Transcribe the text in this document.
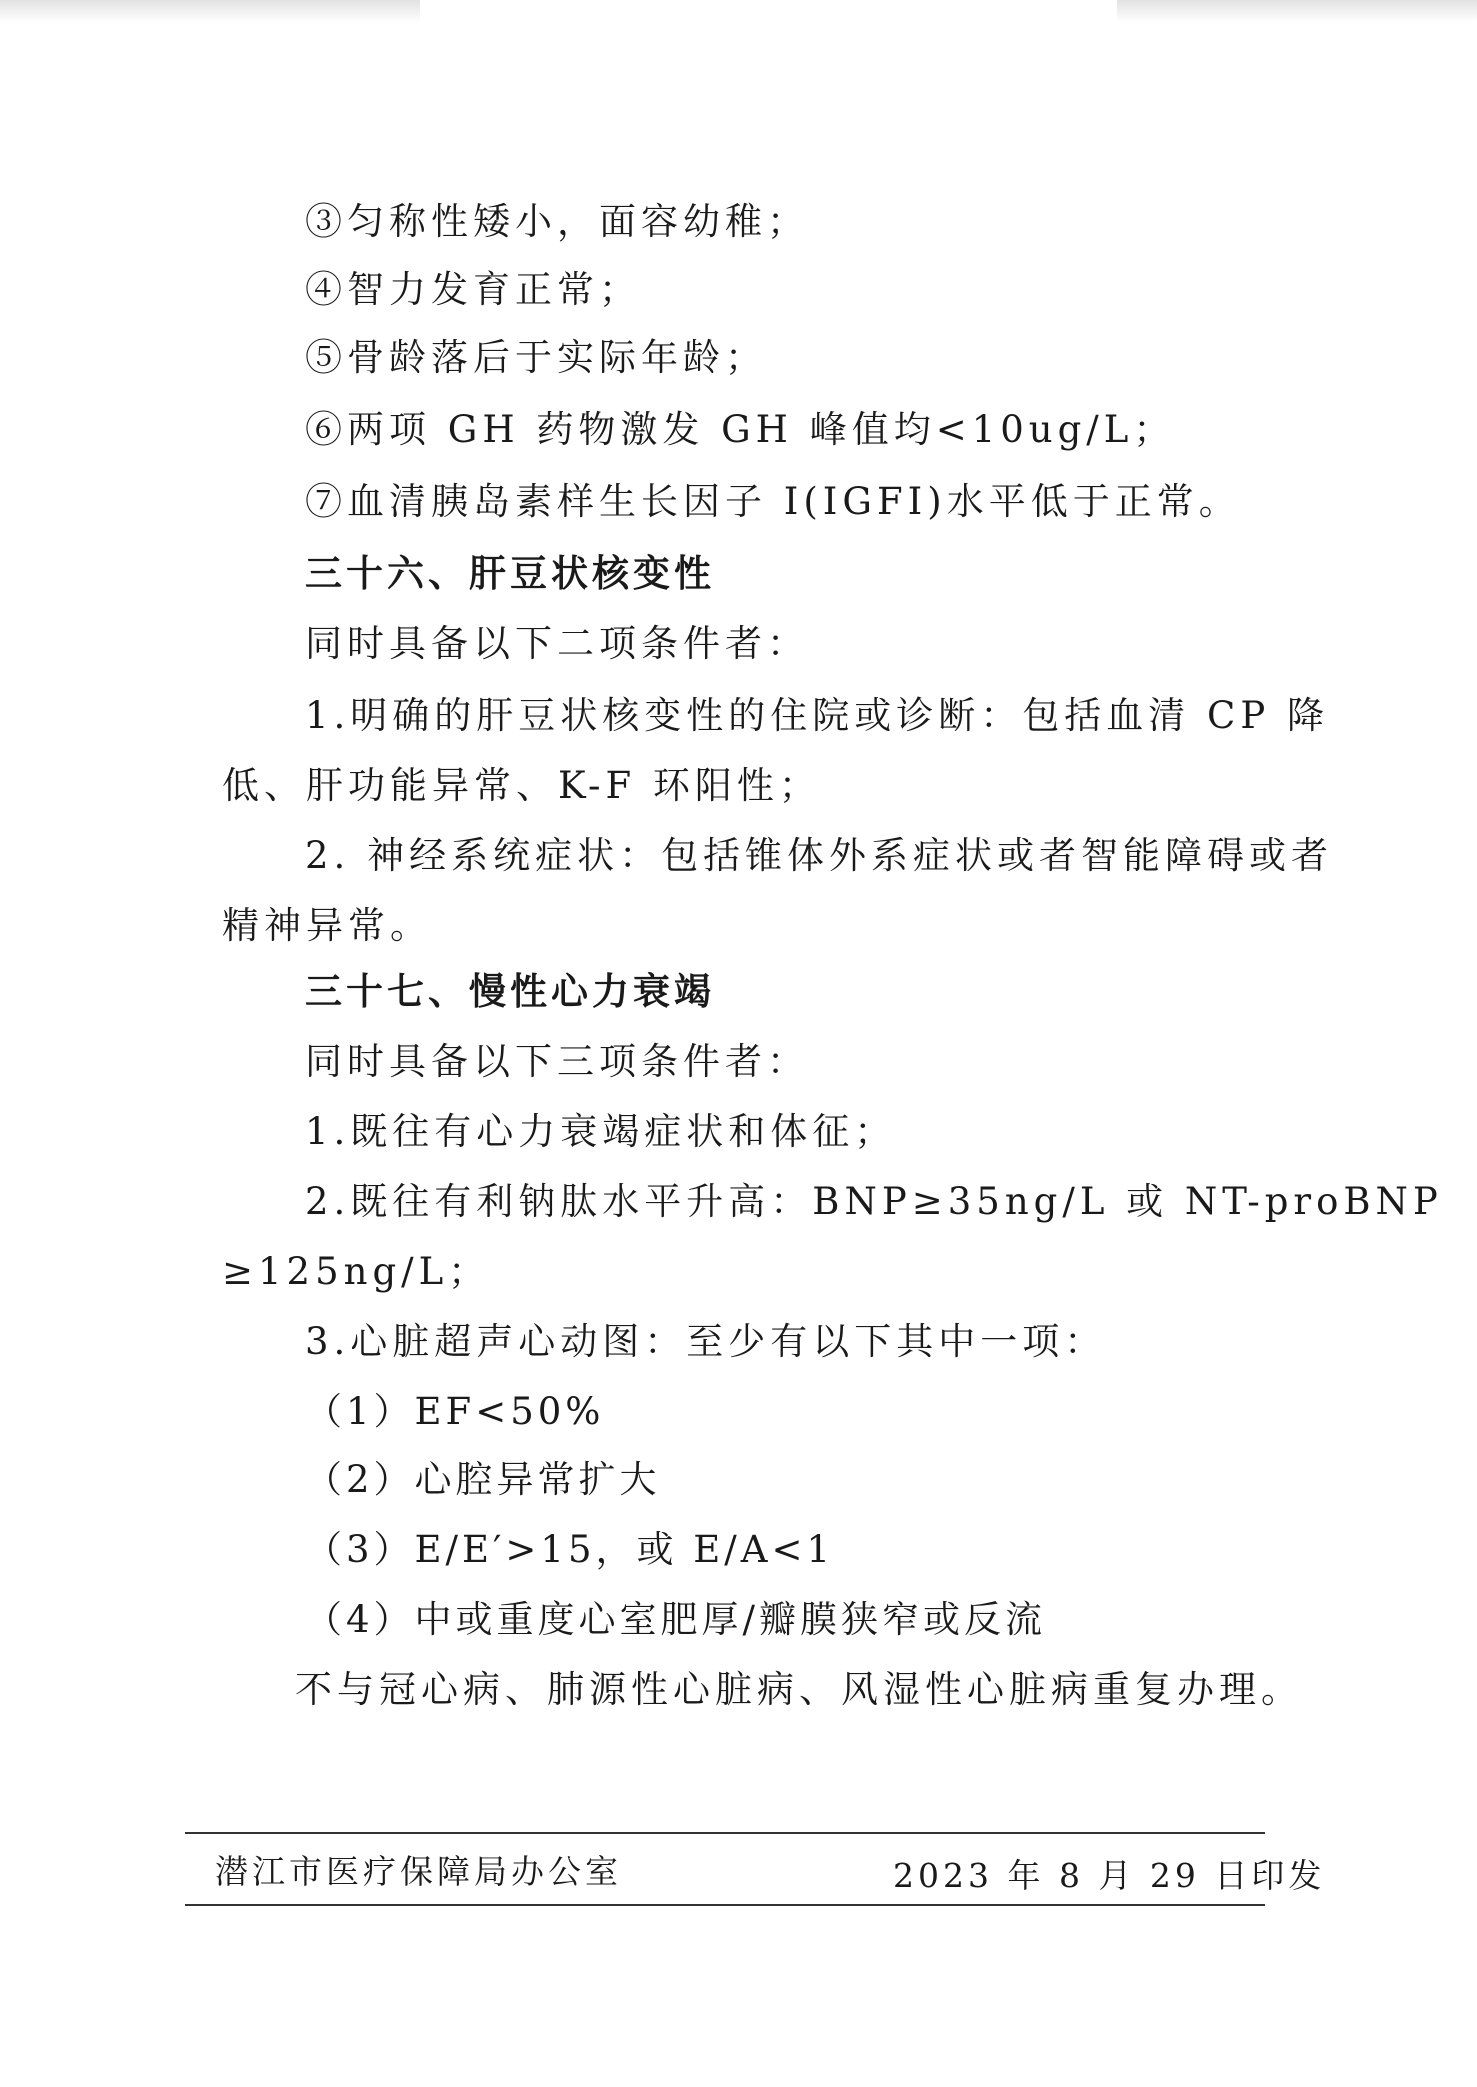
③匀称性矮小，面容幼稚；
④智力发育正常；
⑤骨龄落后于实际年龄；
⑥两项 GH 药物激发 GH 峰值均<10ug/L；
⑦血清胰岛素样生长因子 I(IGFI)水平低于正常。
三十六、肝豆状核变性
同时具备以下二项条件者：
1.明确的肝豆状核变性的住院或诊断：包括血清 CP 降
低、肝功能异常、K-F 环阳性；
2. 神经系统症状：包括锥体外系症状或者智能障碍或者
精神异常。
三十七、慢性心力衰竭
同时具备以下三项条件者：
1.既往有心力衰竭症状和体征；
2.既往有利钠肽水平升高：BNP≥35ng/L 或 NT-proBNP
≥125ng/L；
3.心脏超声心动图：至少有以下其中一项：
（1）EF<50%
（2）心腔异常扩大
（3）E/E′>15，或 E/A<1
（4）中或重度心室肥厚/瓣膜狭窄或反流
不与冠心病、肺源性心脏病、风湿性心脏病重复办理。
潜江市医疗保障局办公室	2023 年 8 月 29 日印发
